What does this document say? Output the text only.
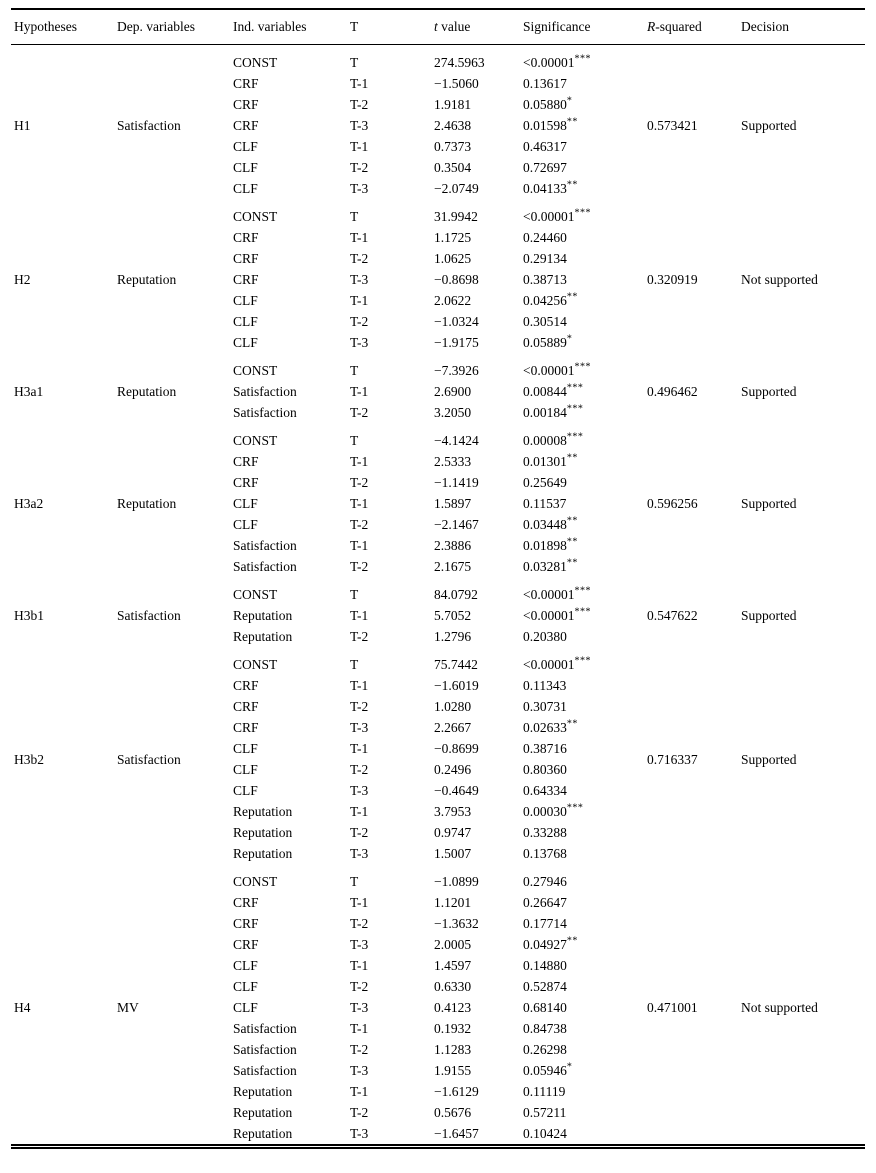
Hypotheses	Dep. variables	Ind. variables	T	t value	Significance	R-squared	Decision
H1	Satisfaction	CONST	T	274.5963	<0.00001***	0.573421	Supported
		CRF	T-1	−1.5060	0.13617		
		CRF	T-2	1.9181	0.05880*
		CRF	T-3	2.4638	0.01598**
		CLF	T-1	0.7373	0.46317		
		CLF	T-2	0.3504	0.72697		
		CLF	T-3	−2.0749	0.04133**
H2	Reputation	CONST	T	31.9942	<0.00001***	0.320919	Not supported
		CRF	T-1	1.1725	0.24460		
		CRF	T-2	1.0625	0.29134		
		CRF	T-3	−0.8698	0.38713		
		CLF	T-1	2.0622	0.04256**
		CLF	T-2	−1.0324	0.30514		
		CLF	T-3	−1.9175	0.05889*
H3a1	Reputation	CONST	T	−7.3926	<0.00001***	0.496462	Supported
		Satisfaction	T-1	2.6900	0.00844***
		Satisfaction	T-2	3.2050	0.00184***
H3a2	Reputation	CONST	T	−4.1424	0.00008***	0.596256	Supported
		CRF	T-1	2.5333	0.01301**
		CRF	T-2	−1.1419	0.25649		
		CLF	T-1	1.5897	0.11537		
		CLF	T-2	−2.1467	0.03448**
		Satisfaction	T-1	2.3886	0.01898**
		Satisfaction	T-2	2.1675	0.03281**
H3b1	Satisfaction	CONST	T	84.0792	<0.00001***	0.547622	Supported
		Reputation	T-1	5.7052	<0.00001***
		Reputation	T-2	1.2796	0.20380		
H3b2	Satisfaction	CONST	T	75.7442	<0.00001***	0.716337	Supported
		CRF	T-1	−1.6019	0.11343		
		CRF	T-2	1.0280	0.30731		
		CRF	T-3	2.2667	0.02633**
		CLF	T-1	−0.8699	0.38716		
		CLF	T-2	0.2496	0.80360		
		CLF	T-3	−0.4649	0.64334		
		Reputation	T-1	3.7953	0.00030***
		Reputation	T-2	0.9747	0.33288		
		Reputation	T-3	1.5007	0.13768		
H4	MV	CONST	T	−1.0899	0.27946	0.471001	Not supported
		CRF	T-1	1.1201	0.26647		
		CRF	T-2	−1.3632	0.17714		
		CRF	T-3	2.0005	0.04927**
		CLF	T-1	1.4597	0.14880		
		CLF	T-2	0.6330	0.52874		
		CLF	T-3	0.4123	0.68140		
		Satisfaction	T-1	0.1932	0.84738		
		Satisfaction	T-2	1.1283	0.26298		
		Satisfaction	T-3	1.9155	0.05946*
		Reputation	T-1	−1.6129	0.11119		
		Reputation	T-2	0.5676	0.57211		
		Reputation	T-3	−1.6457	0.10424		
